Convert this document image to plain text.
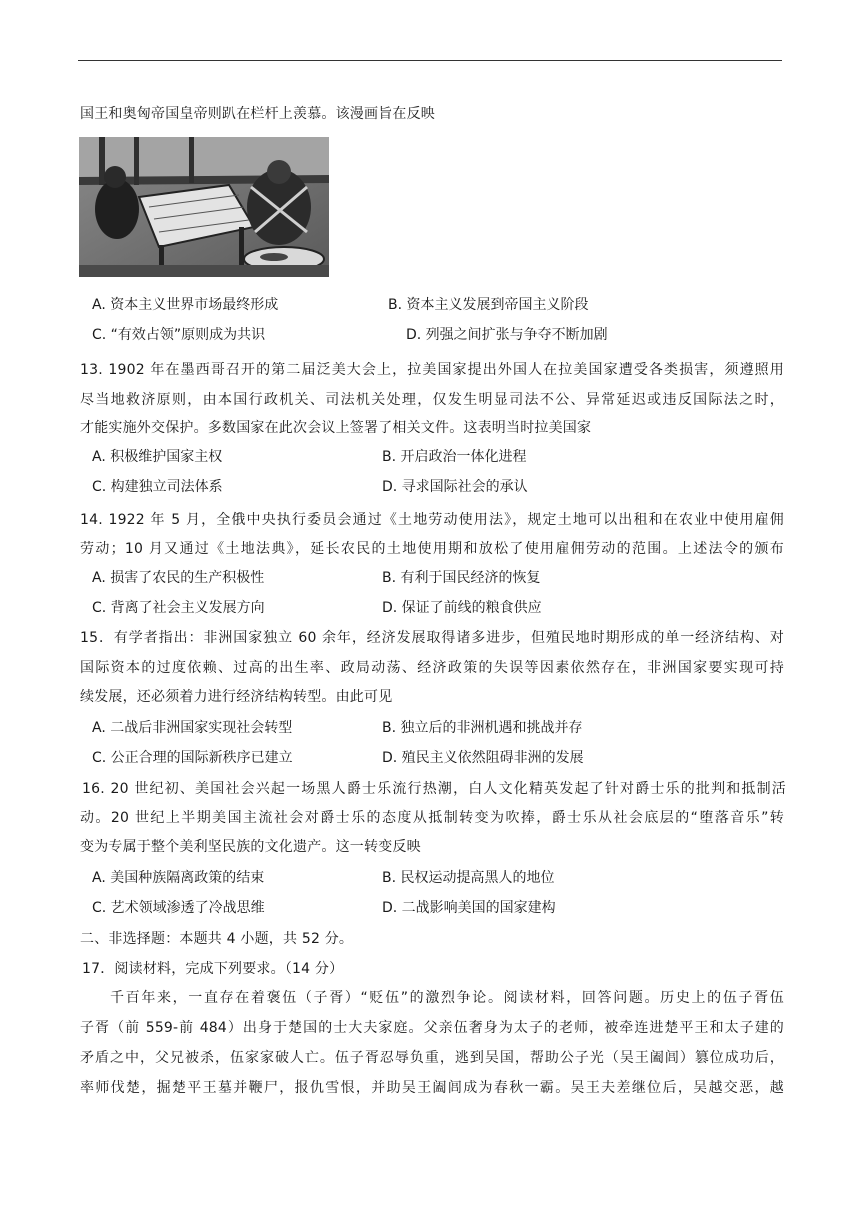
国王和奥匈帝国皇帝则趴在栏杆上羡慕。该漫画旨在反映
A. 资本主义世界市场最终形成	B. 资本主义发展到帝国主义阶段
C. “有效占领”原则成为共识	D. 列强之间扩张与争夺不断加剧
13. 1902 年在墨西哥召开的第二届泛美大会上，拉美国家提出外国人在拉美国家遭受各类损害，须遵照用
尽当地救济原则，由本国行政机关、司法机关处理，仅发生明显司法不公、异常延迟或违反国际法之时，
才能实施外交保护。多数国家在此次会议上签署了相关文件。这表明当时拉美国家
A. 积极维护国家主权	B. 开启政治一体化进程
C. 构建独立司法体系	D. 寻求国际社会的承认
14. 1922 年 5 月，全俄中央执行委员会通过《土地劳动使用法》，规定土地可以出租和在农业中使用雇佣
劳动；10 月又通过《土地法典》，延长农民的土地使用期和放松了使用雇佣劳动的范围。上述法令的颁布
A. 损害了农民的生产积极性	B. 有利于国民经济的恢复
C. 背离了社会主义发展方向	D. 保证了前线的粮食供应
15．有学者指出：非洲国家独立 60 余年，经济发展取得诸多进步，但殖民地时期形成的单一经济结构、对
国际资本的过度依赖、过高的出生率、政局动荡、经济政策的失误等因素依然存在，非洲国家要实现可持
续发展，还必须着力进行经济结构转型。由此可见
A. 二战后非洲国家实现社会转型	B. 独立后的非洲机遇和挑战并存
C. 公正合理的国际新秩序已建立	D. 殖民主义依然阻碍非洲的发展
16. 20 世纪初、美国社会兴起一场黑人爵士乐流行热潮，白人文化精英发起了针对爵士乐的批判和抵制活
动。20 世纪上半期美国主流社会对爵士乐的态度从抵制转变为吹捧，爵士乐从社会底层的“堕落音乐”转
变为专属于整个美利坚民族的文化遗产。这一转变反映
A. 美国种族隔离政策的结束	B. 民权运动提高黑人的地位
C. 艺术领域渗透了冷战思维	D. 二战影响美国的国家建构
二、非选择题：本题共 4 小题，共 52 分。
17．阅读材料，完成下列要求。（14 分）
千百年来，一直存在着褒伍（子胥）“贬伍”的激烈争论。阅读材料，回答问题。历史上的伍子胥伍
子胥（前 559-前 484）出身于楚国的士大夫家庭。父亲伍奢身为太子的老师，被牵连进楚平王和太子建的
矛盾之中，父兄被杀，伍家家破人亡。伍子胥忍辱负重，逃到吴国，帮助公子光（吴王阖闾）篡位成功后，
率师伐楚，掘楚平王墓并鞭尸，报仇雪恨，并助吴王阖闾成为春秋一霸。吴王夫差继位后，吴越交恶，越
